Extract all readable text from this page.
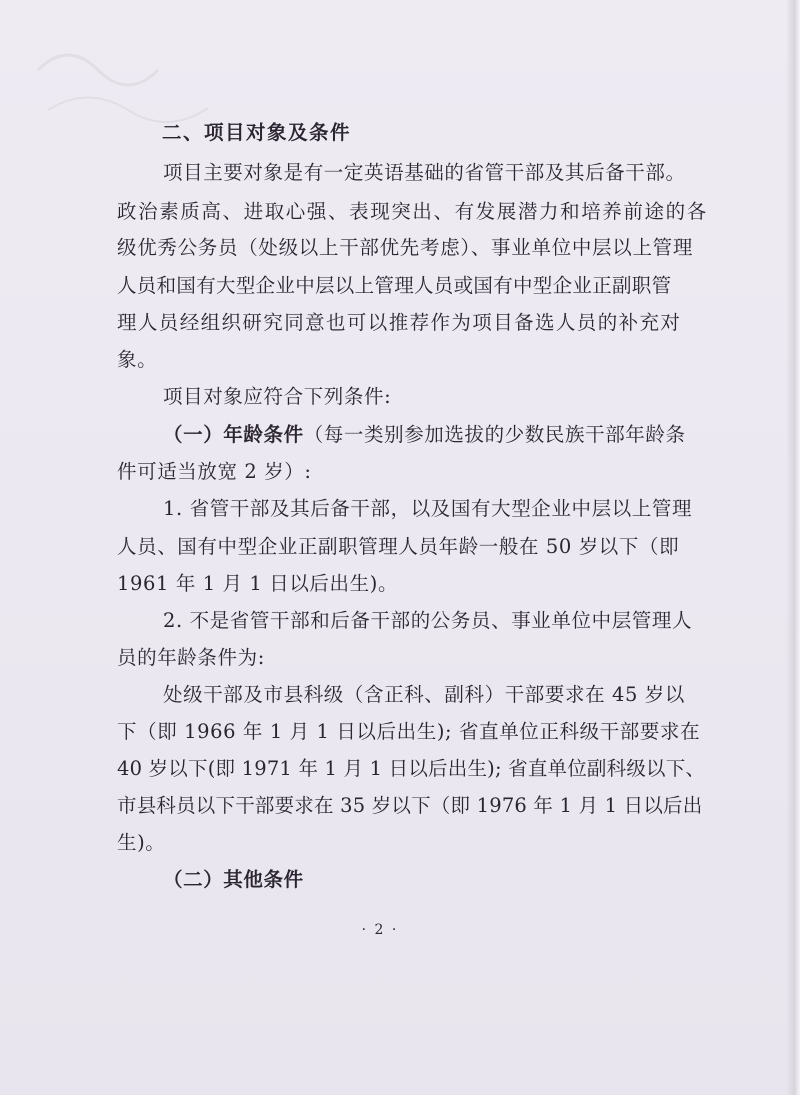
二、项目对象及条件
项目主要对象是有一定英语基础的省管干部及其后备干部。
政治素质高、进取心强、表现突出、有发展潜力和培养前途的各
级优秀公务员（处级以上干部优先考虑）、事业单位中层以上管理
人员和国有大型企业中层以上管理人员或国有中型企业正副职管
理人员经组织研究同意也可以推荐作为项目备选人员的补充对
象。
项目对象应符合下列条件:
（一）年龄条件（每一类别参加选拔的少数民族干部年龄条
件可适当放宽 2 岁）:
1. 省管干部及其后备干部，以及国有大型企业中层以上管理
人员、国有中型企业正副职管理人员年龄一般在 50 岁以下（即
1961 年 1 月 1 日以后出生)。
2. 不是省管干部和后备干部的公务员、事业单位中层管理人
员的年龄条件为:
处级干部及市县科级（含正科、副科）干部要求在 45 岁以
下（即 1966 年 1 月 1 日以后出生); 省直单位正科级干部要求在
40 岁以下(即 1971 年 1 月 1 日以后出生); 省直单位副科级以下、
市县科员以下干部要求在 35 岁以下（即 1976 年 1 月 1 日以后出
生)。
（二）其他条件
· 2 ·
